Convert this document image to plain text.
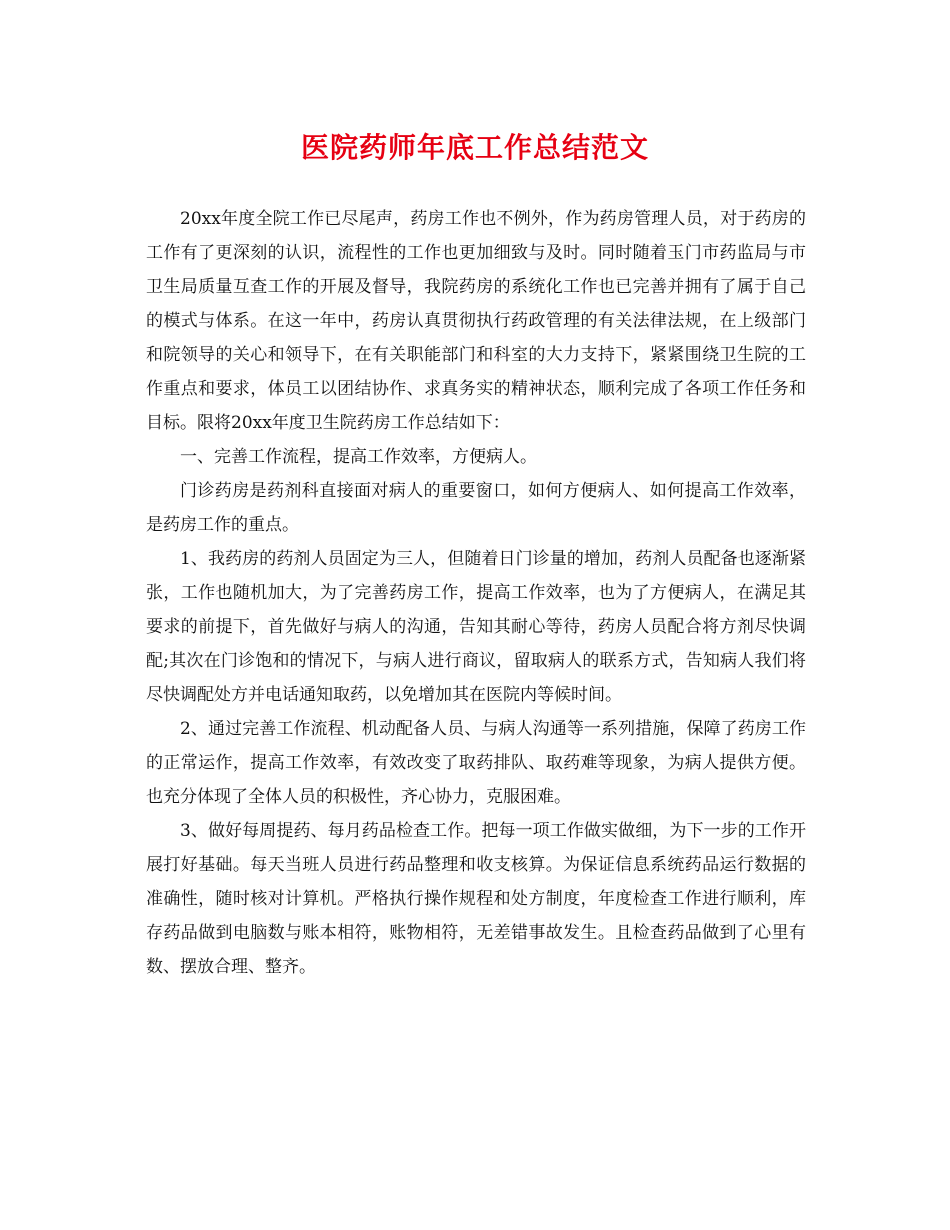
医院药师年底工作总结范文

20xx年度全院工作已尽尾声，药房工作也不例外，作为药房管理人员，对于药房的工作有了更深刻的认识，流程性的工作也更加细致与及时。同时随着玉门市药监局与市卫生局质量互查工作的开展及督导，我院药房的系统化工作也已完善并拥有了属于自己的模式与体系。在这一年中，药房认真贯彻执行药政管理的有关法律法规，在上级部门和院领导的关心和领导下，在有关职能部门和科室的大力支持下，紧紧围绕卫生院的工作重点和要求，体员工以团结协作、求真务实的精神状态，顺利完成了各项工作任务和目标。限将20xx年度卫生院药房工作总结如下：

一、完善工作流程，提高工作效率，方便病人。

门诊药房是药剂科直接面对病人的重要窗口，如何方便病人、如何提高工作效率，是药房工作的重点。

1、我药房的药剂人员固定为三人，但随着日门诊量的增加，药剂人员配备也逐渐紧张，工作也随机加大，为了完善药房工作，提高工作效率，也为了方便病人，在满足其要求的前提下，首先做好与病人的沟通，告知其耐心等待，药房人员配合将方剂尽快调配;其次在门诊饱和的情况下，与病人进行商议，留取病人的联系方式，告知病人我们将尽快调配处方并电话通知取药，以免增加其在医院内等候时间。

2、通过完善工作流程、机动配备人员、与病人沟通等一系列措施，保障了药房工作的正常运作，提高工作效率，有效改变了取药排队、取药难等现象，为病人提供方便。也充分体现了全体人员的积极性，齐心协力，克服困难。

3、做好每周提药、每月药品检查工作。把每一项工作做实做细，为下一步的工作开展打好基础。每天当班人员进行药品整理和收支核算。为保证信息系统药品运行数据的准确性，随时核对计算机。严格执行操作规程和处方制度，年度检查工作进行顺利，库存药品做到电脑数与账本相符，账物相符，无差错事故发生。且检查药品做到了心里有数、摆放合理、整齐。
